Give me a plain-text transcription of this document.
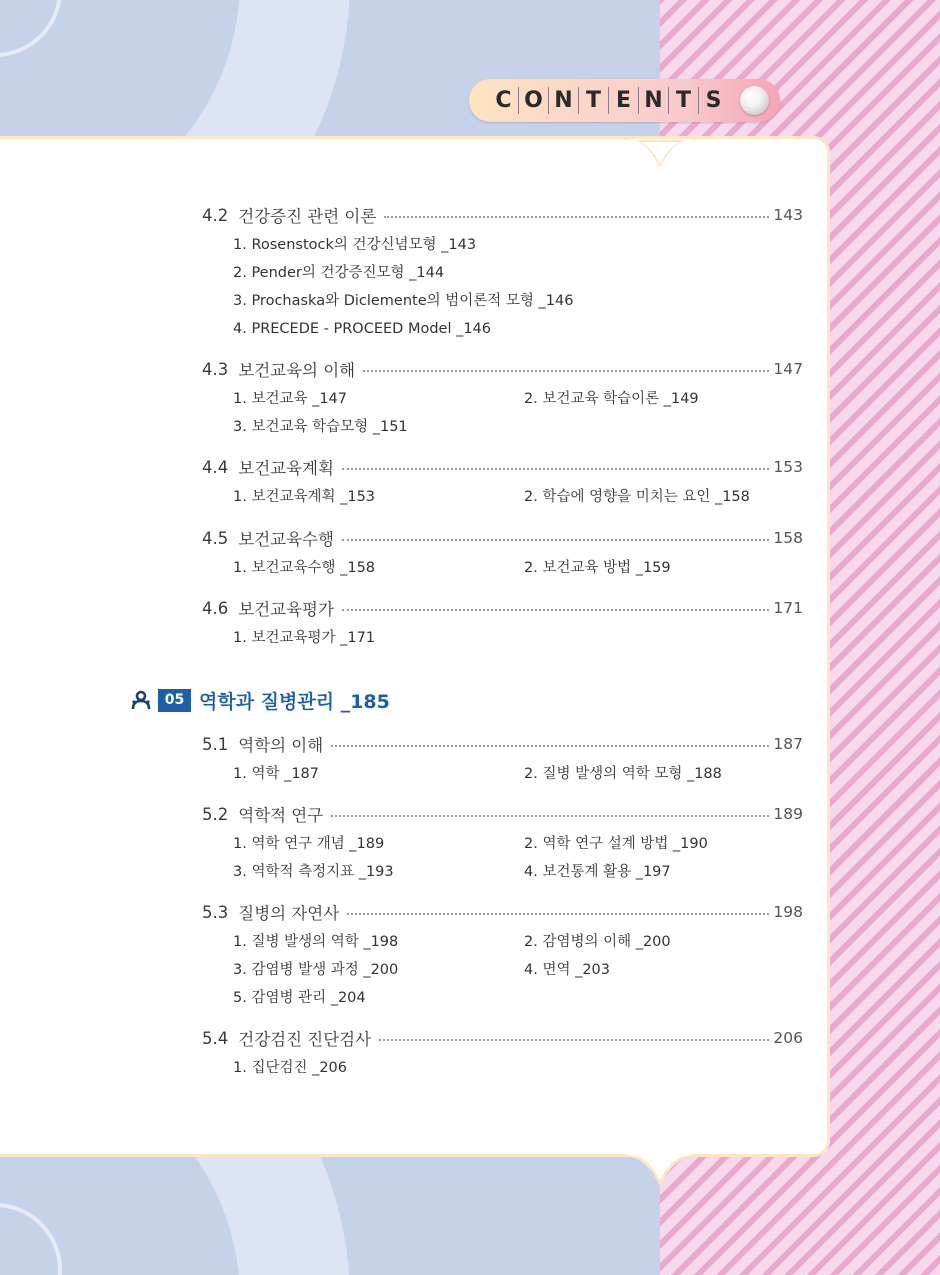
C O N T E N T S
05 역학과 질병관리 _185
4.2 건강증진 관련 이론	143
1. Rosenstock의 건강신념모형 _143
2. Pender의 건강증진모형 _144
3. Prochaska와 Diclemente의 범이론적 모형 _146
4. PRECEDE - PROCEED Model _146
4.3 보건교육의 이해	147
1. 보건교육 _147	2. 보건교육 학습이론 _149
3. 보건교육 학습모형 _151
4.4 보건교육계획	153
1. 보건교육계획 _153	2. 학습에 영향을 미치는 요인 _158
4.5 보건교육수행	158
1. 보건교육수행 _158	2. 보건교육 방법 _159
4.6 보건교육평가	171
1. 보건교육평가 _171
5.1 역학의 이해	187
1. 역학 _187	2. 질병 발생의 역학 모형 _188
5.2 역학적 연구	189
1. 역학 연구 개념 _189	2. 역학 연구 설계 방법 _190
3. 역학적 측정지표 _193	4. 보건통계 활용 _197
5.3 질병의 자연사	198
1. 질병 발생의 역학 _198	2. 감염병의 이해 _200
3. 감염병 발생 과정 _200	4. 면역 _203
5. 감염병 관리 _204
5.4 건강검진 진단검사	206
1. 집단검진 _206
